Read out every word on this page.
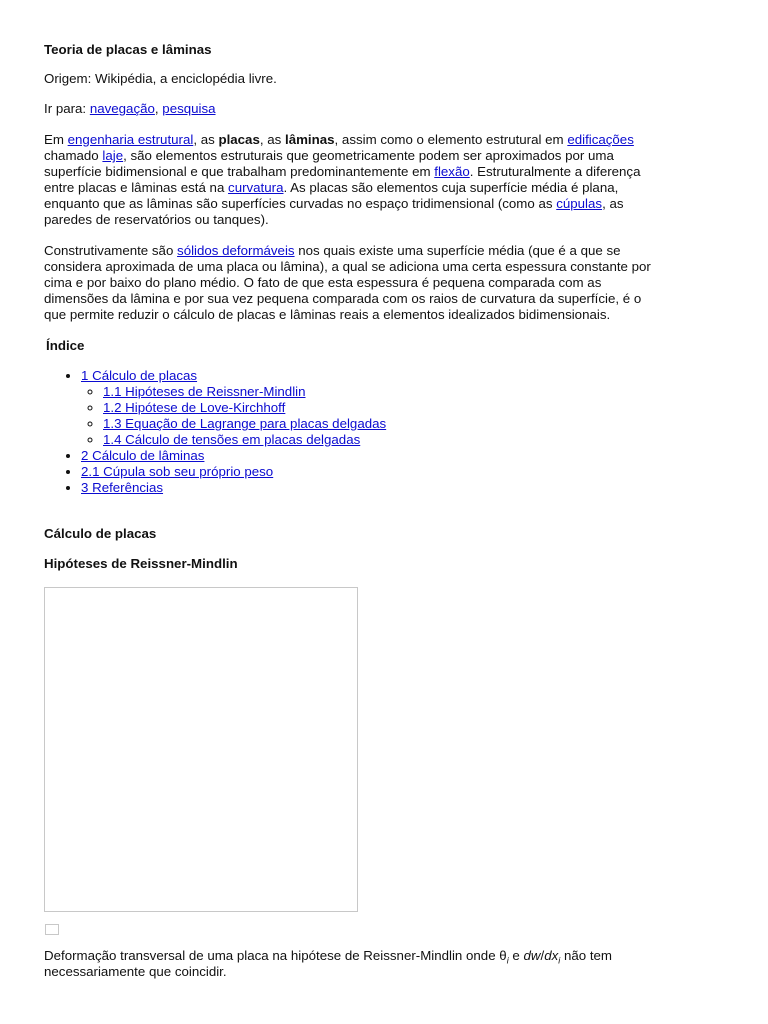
Teoria de placas e lâminas

Origem: Wikipédia, a enciclopédia livre.

Ir para: navegação, pesquisa

Em engenharia estrutural, as placas, as lâminas, assim como o elemento estrutural em edificações chamado laje, são elementos estruturais que geometricamente podem ser aproximados por uma superfície bidimensional e que trabalham predominantemente em flexão. Estruturalmente a diferença entre placas e lâminas está na curvatura. As placas são elementos cuja superfície média é plana, enquanto que as lâminas são superfícies curvadas no espaço tridimensional (como as cúpulas, as paredes de reservatórios ou tanques).

Construtivamente são sólidos deformáveis nos quais existe uma superfície média (que é a que se considera aproximada de uma placa ou lâmina), a qual se adiciona uma certa espessura constante por cima e por baixo do plano médio. O fato de que esta espessura é pequena comparada com as dimensões da lâmina e por sua vez pequena comparada com os raios de curvatura da superfície, é o que permite reduzir o cálculo de placas e lâminas reais a elementos idealizados bidimensionais.

Índice

• 1 Cálculo de placas
◦ 1.1 Hipóteses de Reissner-Mindlin
◦ 1.2 Hipótese de Love-Kirchhoff
◦ 1.3 Equação de Lagrange para placas delgadas
◦ 1.4 Cálculo de tensões em placas delgadas
• 2 Cálculo de lâminas
• 2.1 Cúpula sob seu próprio peso
• 3 Referências

Cálculo de placas

Hipóteses de Reissner-Mindlin

Deformação transversal de uma placa na hipótese de Reissner-Mindlin onde $\theta_i$ e $dw/dx_i$ não tem necessariamente que coincidir.
